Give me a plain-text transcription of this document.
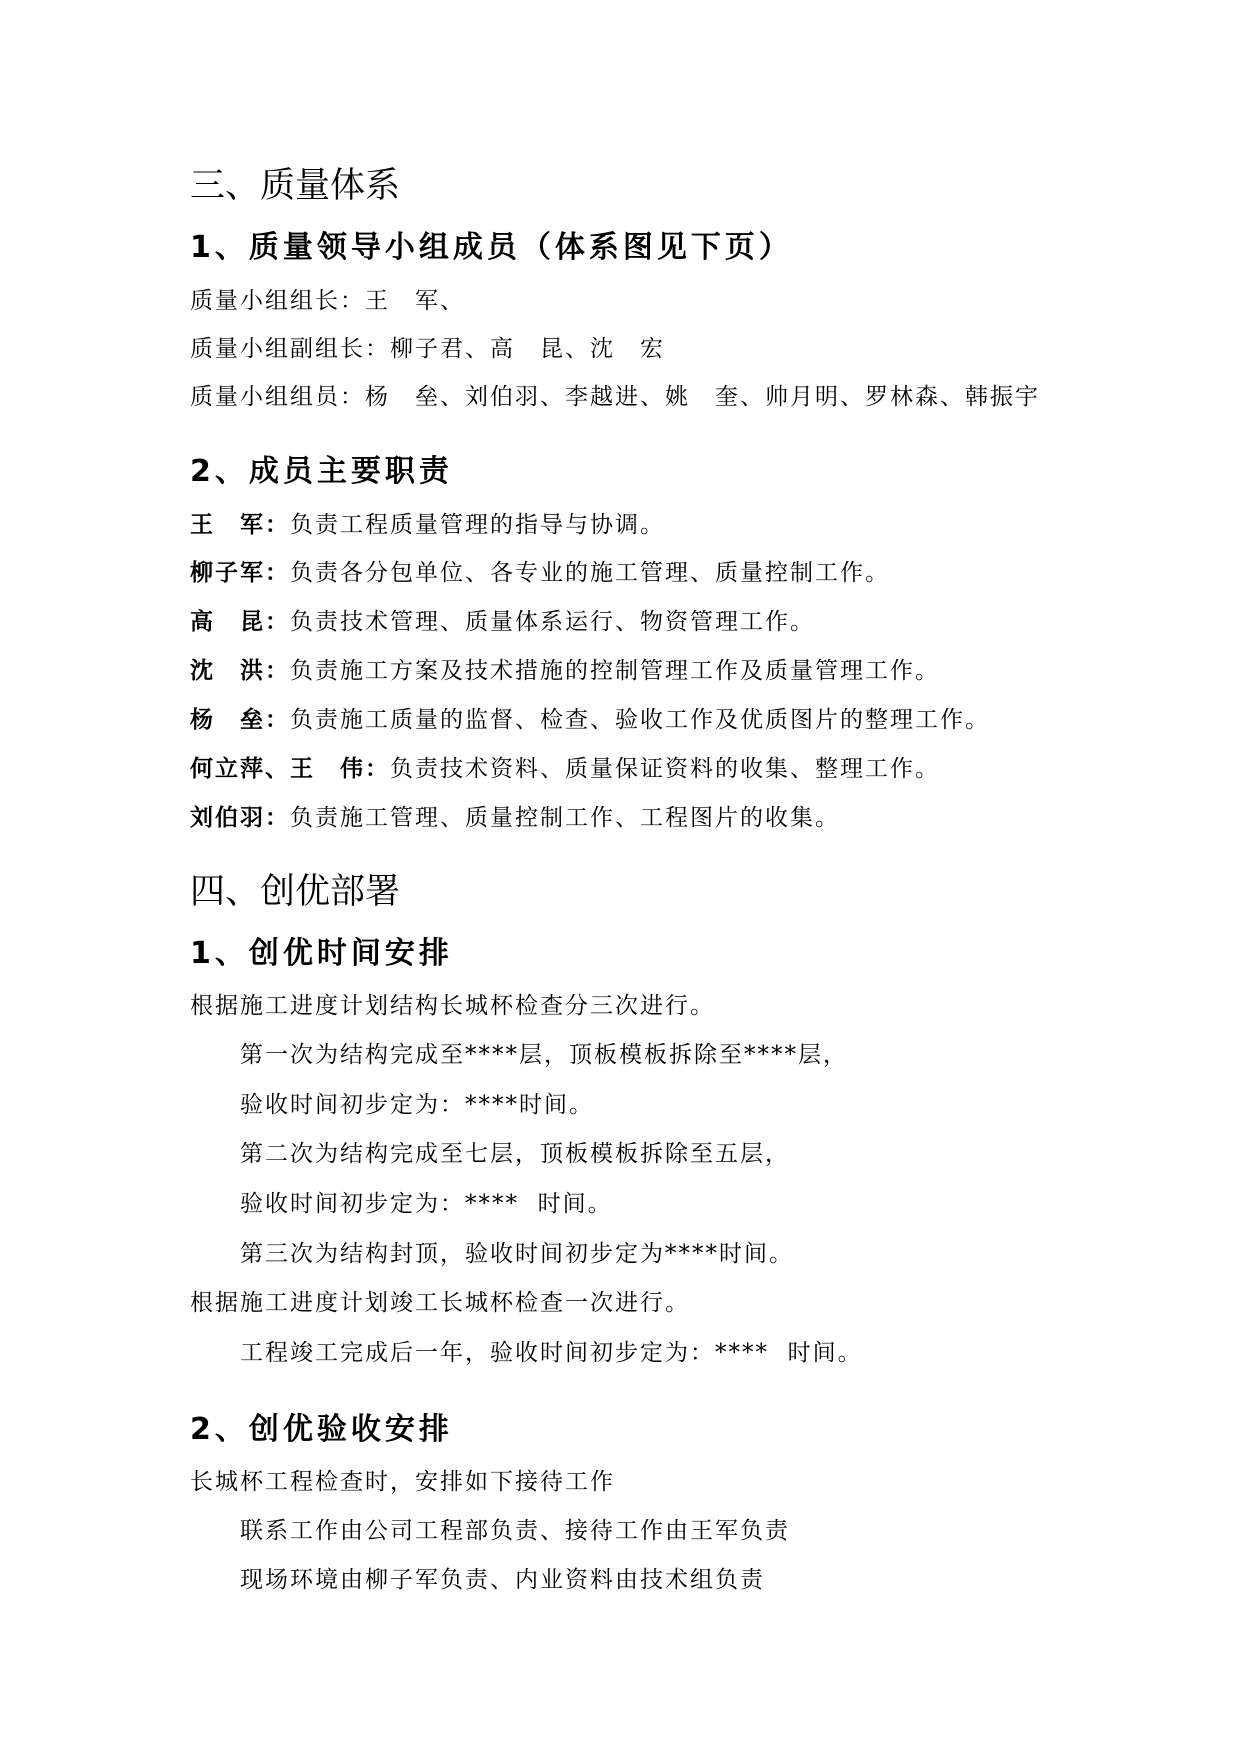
三、质量体系
1、质量领导小组成员（体系图见下页）
质量小组组长：王　军、
质量小组副组长：柳子君、高　昆、沈　宏
质量小组组员：杨　垒、刘伯羽、李越进、姚　奎、帅月明、罗林森、韩振宇
2、成员主要职责
王　军：负责工程质量管理的指导与协调。
柳子军：负责各分包单位、各专业的施工管理、质量控制工作。
高　昆：负责技术管理、质量体系运行、物资管理工作。
沈　洪：负责施工方案及技术措施的控制管理工作及质量管理工作。
杨　垒：负责施工质量的监督、检查、验收工作及优质图片的整理工作。
何立萍、王　伟：负责技术资料、质量保证资料的收集、整理工作。
刘伯羽：负责施工管理、质量控制工作、工程图片的收集。
四、创优部署
1、创优时间安排
根据施工进度计划结构长城杯检查分三次进行。
第一次为结构完成至****层，顶板模板拆除至****层，
验收时间初步定为：****时间。
第二次为结构完成至七层，顶板模板拆除至五层，
验收时间初步定为：****  时间。
第三次为结构封顶，验收时间初步定为****时间。
根据施工进度计划竣工长城杯检查一次进行。
工程竣工完成后一年，验收时间初步定为：****  时间。
2、创优验收安排
长城杯工程检查时，安排如下接待工作
联系工作由公司工程部负责、接待工作由王军负责
现场环境由柳子军负责、内业资料由技术组负责
